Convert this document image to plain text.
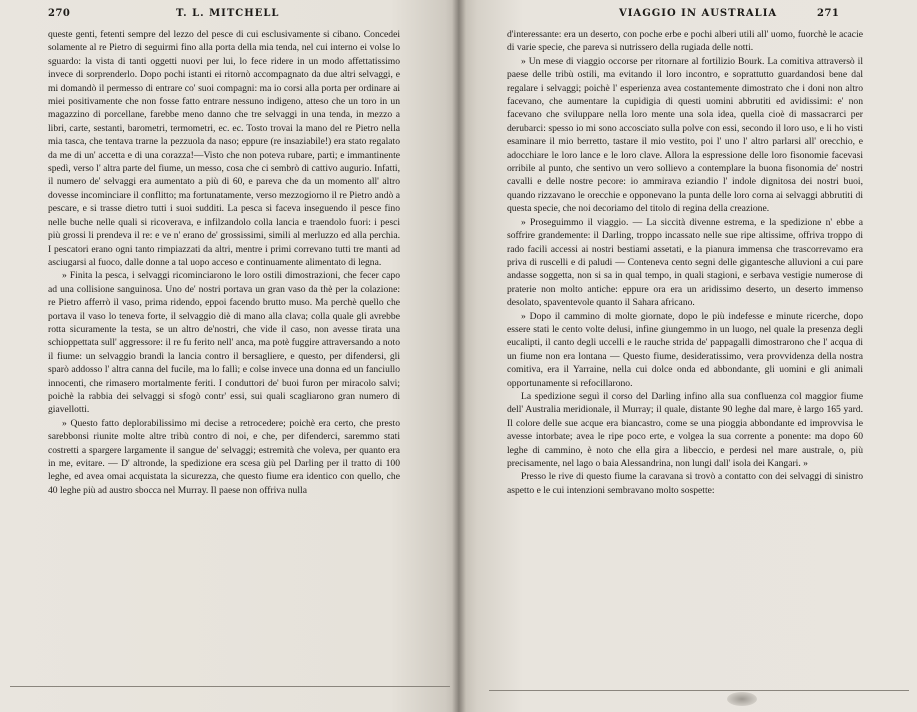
270	T. L. MITCHELL

queste genti, fetenti sempre del lezzo del pesce di cui esclusivamente si cibano. Concedei solamente al re Pietro di seguirmi fino alla porta della mia tenda, nel cui interno ei volse lo sguardo: la vista di tanti oggetti nuovi per lui, lo fece ridere in un modo affettatissimo invece di sorprenderlo. Dopo pochi istanti ei ritornò accompagnato da due altri selvaggi, e mi domandò il permesso di entrare co' suoi compagni: ma io corsi alla porta per ordinare ai miei positivamente che non fosse fatto entrare nessuno indigeno, atteso che un toro in un magazzino di porcellane, farebbe meno danno che tre selvaggi in una tenda, in mezzo a libri, carte, sestanti, barometri, termometri, ec. ec. Tosto trovai la mano del re Pietro nella mia tasca, che tentava trarne la pezzuola da naso; eppure (re insaziabile!) era stato regalato da me di un' accetta e di una corazza!—Visto che non poteva rubare, partì; e immantinente spedì, verso l' altra parte del fiume, un messo, cosa che ci sembrò di cattivo augurio. Infatti, il numero de' selvaggi era aumentato a più di 60, e pareva che da un momento all' altro dovesse incominciare il conflitto; ma fortunatamente, verso mezzogiorno il re Pietro andò a pescare, e si trasse dietro tutti i suoi sudditi. La pesca si faceva inseguendo il pesce fino nelle buche nelle quali si ricoverava, e infilzandolo colla lancia e traendolo fuori: i pesci più grossi li prendeva il re: e ve n' erano de' grossissimi, simili al merluzzo ed alla perchia. I pescatori erano ogni tanto rimpiazzati da altri, mentre i primi correvano tutti tre manti ad asciugarsi al fuoco, dalle donne a tal uopo acceso e continuamente alimentato di legna.

» Finita la pesca, i selvaggi ricominciarono le loro ostili dimostrazioni, che fecer capo ad una collisione sanguinosa. Uno de' nostri portava un gran vaso da thè per la colazione: re Pietro afferrò il vaso, prima ridendo, eppoi facendo brutto muso. Ma perchè quello che portava il vaso lo teneva forte, il selvaggio diè di mano alla clava; colla quale gli avrebbe rotta sicuramente la testa, se un altro de'nostri, che vide il caso, non avesse tirata una schioppettata sull' aggressore: il re fu ferito nell' anca, ma potè fuggire attraversando a noto il fiume: un selvaggio brandì la lancia contro il bersagliere, e questo, per difendersi, gli sparò addosso l' altra canna del fucile, ma lo fallì; e colse invece una donna ed un fanciullo innocenti, che rimasero mortalmente feriti. I conduttori de' buoi furon per miracolo salvi; poichè la rabbia dei selvaggi si sfogò contr' essi, sui quali scagliarono gran numero di giavellotti.

» Questo fatto deplorabilissimo mi decise a retrocedere; poichè era certo, che presto sarebbonsi riunite molte altre tribù contro di noi, e che, per difenderci, saremmo stati costretti a spargere largamente il sangue de' selvaggi; estremità che voleva, per quanto era in me, evitare. — D' altronde, la spedizione era scesa giù pel Darling per il tratto di 100 leghe, ed avea omai acquistata la sicurezza, che questo fiume era identico con quello, che 40 leghe più ad austro sbocca nel Murray. Il paese non offriva nulla

VIAGGIO IN AUSTRALIA	271

d'interessante: era un deserto, con poche erbe e pochi alberi utili all' uomo, fuorchè le acacie di varie specie, che pareva si nutrissero della rugiada delle notti.

» Un mese di viaggio occorse per ritornare al fortilizio Bourk. La comitiva attraversò il paese delle tribù ostili, ma evitando il loro incontro, e soprattutto guardandosi bene dal regalare i selvaggi; poichè l' esperienza avea costantemente dimostrato che i doni non altro facevano, che aumentare la cupidigia di questi uomini abbrutiti ed avidissimi: e' non facevano che sviluppare nella loro mente una sola idea, quella cioè di massacrarci per derubarci: spesso io mi sono accosciato sulla polve con essi, secondo il loro uso, e li ho visti esaminare il mio berretto, tastare il mio vestito, poi l' uno l' altro parlarsi all' orecchio, e adocchiare le loro lance e le loro clave. Allora la espressione delle loro fisonomie facevasi orribile al punto, che sentivo un vero sollievo a contemplare la buona fisonomia de' nostri cavalli e delle nostre pecore: io ammirava eziandio l' indole dignitosa dei nostri buoi, quando rizzavano le orecchie e opponevano la punta delle loro corna ai selvaggi abbrutiti di questa specie, che noi decoriamo del titolo di regina della creazione.

» Proseguimmo il viaggio. — La siccità divenne estrema, e la spedizione n' ebbe a soffrire grandemente: il Darling, troppo incassato nelle sue ripe altissime, offriva troppo di rado facili accessi ai nostri bestiami assetati, e la pianura immensa che trascorrevamo era priva di ruscelli e di paludi — Conteneva cento segni delle gigantesche alluvioni a cui pare andasse soggetta, non si sa in qual tempo, in quali stagioni, e serbava vestigie numerose di praterie non molto antiche: eppure ora era un aridissimo deserto, un deserto immenso desolato, spaventevole quanto il Sahara africano.

» Dopo il cammino di molte giornate, dopo le più indefesse e minute ricerche, dopo essere stati le cento volte delusi, infine giungemmo in un luogo, nel quale la presenza degli eucalipti, il canto degli uccelli e le rauche strida de' pappagalli dimostrarono che l' acqua di un fiume non era lontana — Questo fiume, desideratissimo, vera provvidenza della nostra comitiva, era il Yarraine, nella cui dolce onda ed abbondante, gli uomini e gli animali opportunamente si refocillarono.

La spedizione seguì il corso del Darling infino alla sua confluenza col maggior fiume dell' Australia meridionale, il Murray; il quale, distante 90 leghe dal mare, è largo 165 yard. Il colore delle sue acque era biancastro, come se una pioggia abbondante ed improvvisa le avesse intorbate; avea le ripe poco erte, e volgea la sua corrente a ponente: ma dopo 60 leghe di cammino, è noto che ella gira a libeccio, e perdesi nel mare australe, o, più precisamente, nel lago o baia Alessandrina, non lungi dall' isola dei Kangari. »

Presso le rive di questo fiume la caravana si trovò a contatto con dei selvaggi di sinistro aspetto e le cui intenzioni sembravano molto sospette:
